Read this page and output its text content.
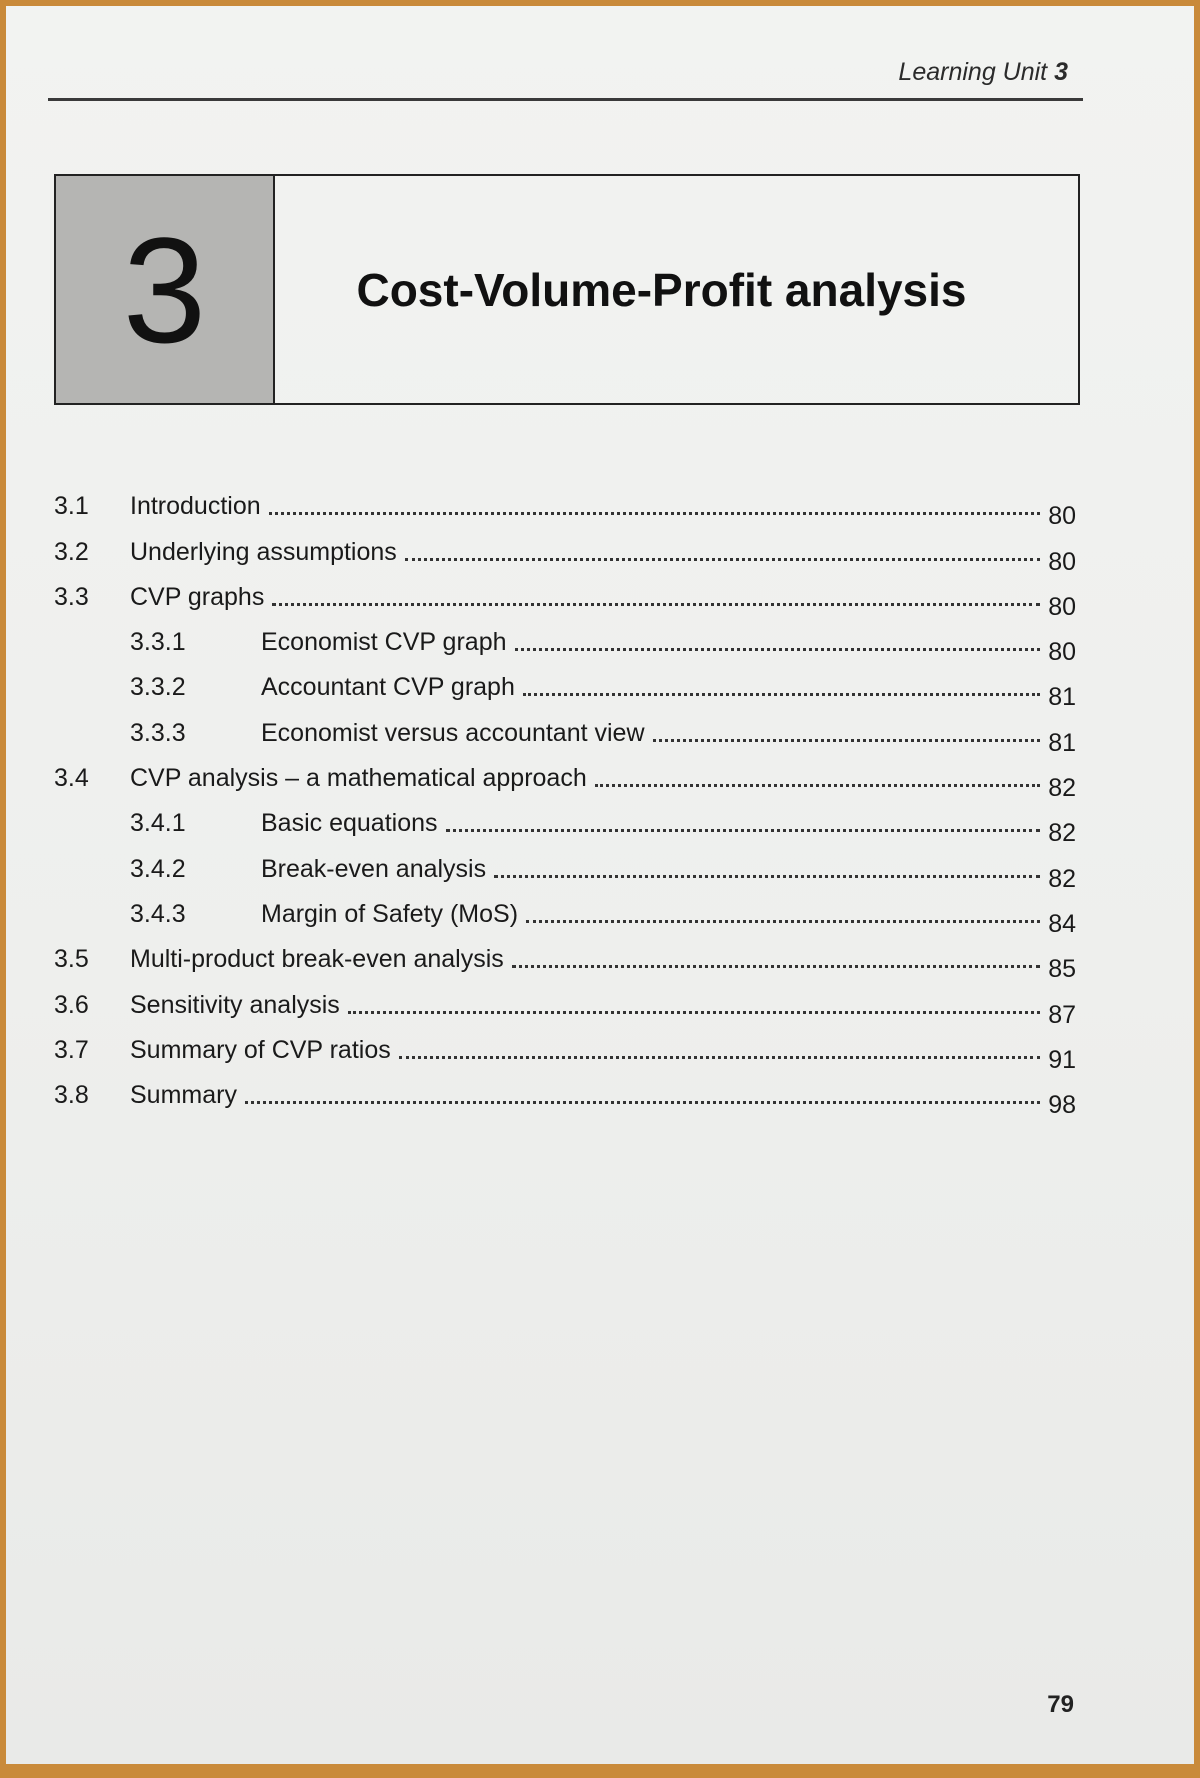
Learning Unit 3
3	Cost-Volume-Profit analysis
3.1	Introduction	80
3.2	Underlying assumptions	80
3.3	CVP graphs	80
3.3.1	Economist CVP graph	80
3.3.2	Accountant CVP graph	81
3.3.3	Economist versus accountant view	81
3.4	CVP analysis – a mathematical approach	82
3.4.1	Basic equations	82
3.4.2	Break-even analysis	82
3.4.3	Margin of Safety (MoS)	84
3.5	Multi-product break-even analysis	85
3.6	Sensitivity analysis	87
3.7	Summary of CVP ratios	91
3.8	Summary	98
79
